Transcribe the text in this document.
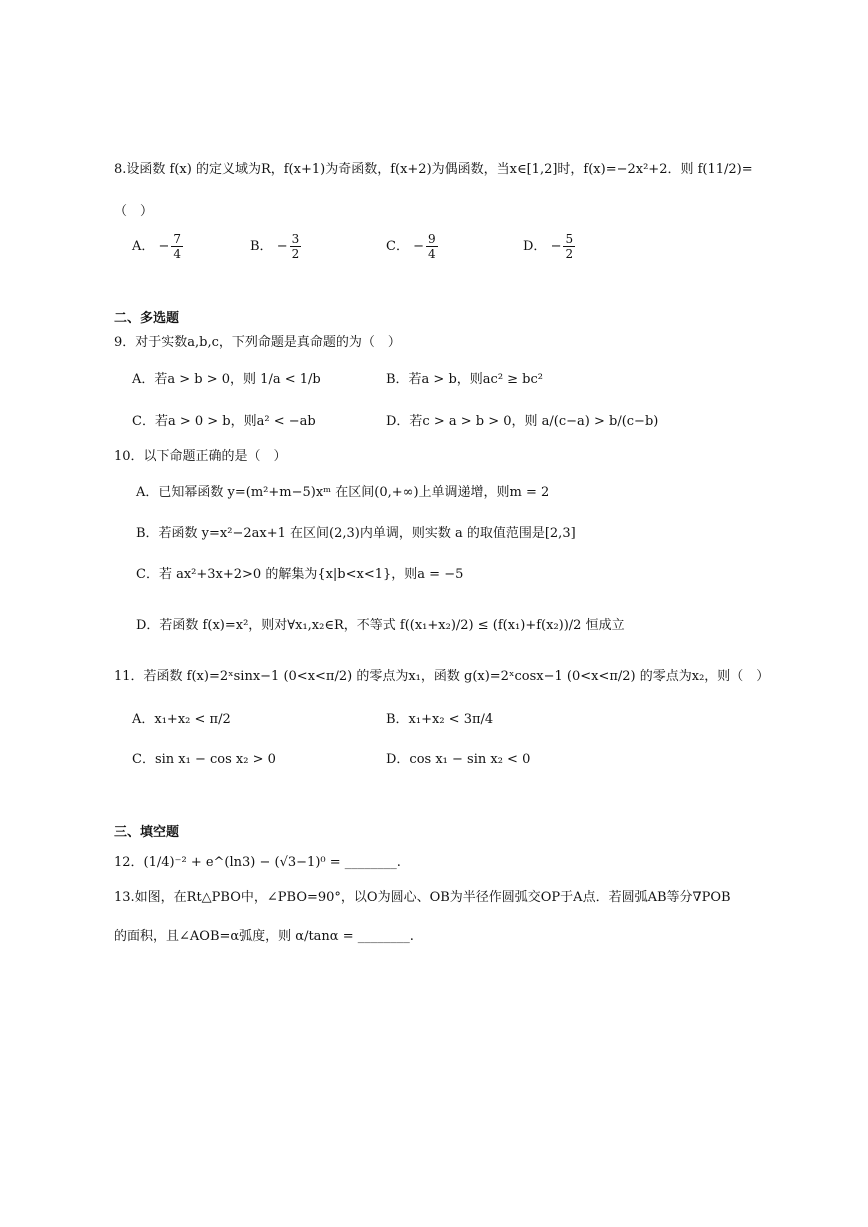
8.设函数 f(x) 的定义域为R，f(x+1)为奇函数，f(x+2)为偶函数，当x∈[1,2]时，f(x)=−2x²+2．则 f(11/2)=
（　）
A． − $\frac{7}{4}$	B． − $\frac{3}{2}$	C． − $\frac{9}{4}$	D． − $\frac{5}{2}$
二、多选题
9．对于实数a,b,c，下列命题是真命题的为（　）
A．若a > b > 0，则 1/a < 1/b	B．若a > b，则ac² ≥ bc²
C．若a > 0 > b，则a² < −ab	D．若c > a > b > 0，则 a/(c−a) > b/(c−b)
10．以下命题正确的是（　）
A．已知幂函数 y=(m²+m−5)xᵐ 在区间(0,+∞)上单调递增，则m = 2
B．若函数 y=x²−2ax+1 在区间(2,3)内单调，则实数 a 的取值范围是[2,3]
C．若 ax²+3x+2>0 的解集为{x|b<x<1}，则a = −5
D．若函数 f(x)=x²，则对∀x₁,x₂∈R，不等式 f((x₁+x₂)/2) ≤ (f(x₁)+f(x₂))/2 恒成立
11．若函数 f(x)=2ˣsinx−1 (0<x<π/2) 的零点为x₁，函数 g(x)=2ˣcosx−1 (0<x<π/2) 的零点为x₂，则（　）
A．x₁+x₂ < π/2	B．x₁+x₂ < 3π/4
C．sin x₁ − cos x₂ > 0	D．cos x₁ − sin x₂ < 0
三、填空题
12．(1/4)⁻² + e^(ln3) − (√3−1)⁰ = ________.
13.如图，在Rt△PBO中，∠PBO=90°，以O为圆心、OB为半径作圆弧交OP于A点．若圆弧AB等分∇POB
的面积，且∠AOB=α弧度，则 α/tanα = ________.
